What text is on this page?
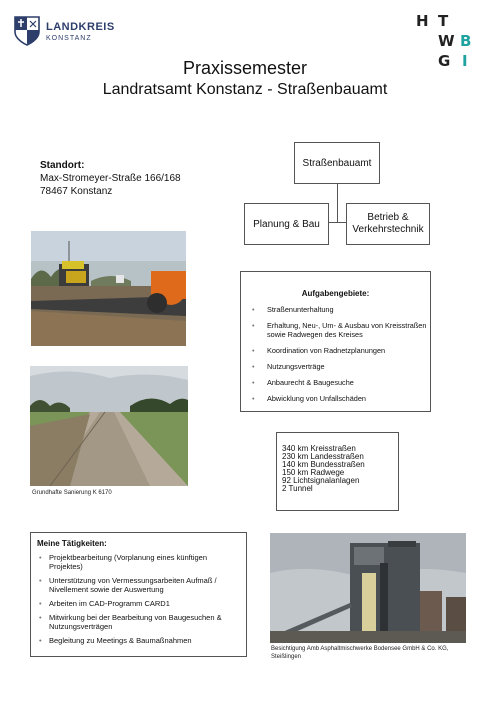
LANDKREIS
KONSTANZ
H T
W
G
B
I
Praxissemester
Landratsamt Konstanz - Straßenbauamt
Standort:
Max-Stromeyer-Straße 166/168
78467 Konstanz
Straßenbauamt
Planung & Bau
Betrieb &
Verkehrstechnik
Aufgabengebiete:
• Straßenunterhaltung
• Erhaltung, Neu-, Um- & Ausbau von Kreisstraßen sowie Radwegen des Kreises
• Koordination von Radnetzplanungen
• Nutzungsverträge
• Anbaurecht & Baugesuche
• Abwicklung von Unfallschäden
Grundhafte Sanierung K 6170
340 km Kreisstraßen
230 km Landesstraßen
140 km Bundesstraßen
150 km Radwege
92 Lichtsignalanlagen
2 Tunnel
Meine Tätigkeiten:
• Projektbearbeitung (Vorplanung eines künftigen Projektes)
• Unterstützung von Vermessungsarbeiten Aufmaß / Nivellement sowie der Auswertung
• Arbeiten im CAD-Programm CARD1
• Mitwirkung bei der Bearbeitung von Baugesuchen & Nutzungsverträgen
• Begleitung zu Meetings & Baumaßnahmen
Besichtigung Amb Asphaltmischwerke Bodensee GmbH & Co. KG,
Steißlingen
